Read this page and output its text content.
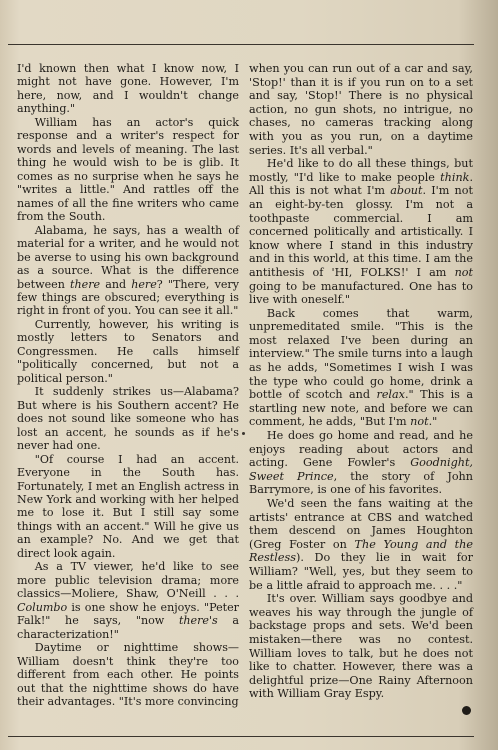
I'd known then what I know now, I might not have gone. However, I'm here, now, and I wouldn't change anything."

William has an actor's quick response and a writer's respect for words and levels of meaning. The last thing he would wish to be is glib. It comes as no surprise when he says he "writes a little." And rattles off the names of all the fine writers who came from the South.

Alabama, he says, has a wealth of material for a writer, and he would not be averse to using his own background as a source. What is the difference between there and here? "There, very few things are obscured; everything is right in front of you. You can see it all."

Currently, however, his writing is mostly letters to Senators and Congressmen. He calls himself "politically concerned, but not a political person."

It suddenly strikes us—Alabama? But where is his Southern accent? He does not sound like someone who has lost an accent, he sounds as if he's never had one.

"Of course I had an accent. Everyone in the South has. Fortunately, I met an English actress in New York and working with her helped me to lose it. But I still say some things with an accent." Will he give us an example? No. And we get that direct look again.

As a TV viewer, he'd like to see more public television drama; more classics—Moliere, Shaw, O'Neill . . . Columbo is one show he enjoys. "Peter Falk!" he says, "now there's a characterization!"

Daytime or nighttime shows—William doesn't think they're too different from each other. He points out that the nighttime shows do have their advantages. "It's more convincing

when you can run out of a car and say, 'Stop!' than it is if you run on to a set and say, 'Stop!' There is no physical action, no gun shots, no intrigue, no chases, no cameras tracking along with you as you run, on a daytime series. It's all verbal."

He'd like to do all these things, but mostly, "I'd like to make people think. All this is not what I'm about. I'm not an eight-by-ten glossy. I'm not a toothpaste commercial. I am concerned politically and artistically. I know where I stand in this industry and in this world, at this time. I am the antithesis of 'HI, FOLKS!' I am not going to be manufactured. One has to live with oneself."

Back comes that warm, unpremeditated smile. "This is the most relaxed I've been during an interview." The smile turns into a laugh as he adds, "Sometimes I wish I was the type who could go home, drink a bottle of scotch and relax." This is a startling new note, and before we can comment, he adds, "But I'm not."

He does go home and read, and he enjoys reading about actors and acting. Gene Fowler's Goodnight, Sweet Prince, the story of John Barrymore, is one of his favorites.

We'd seen the fans waiting at the artists' entrance at CBS and watched them descend on James Houghton (Greg Foster on The Young and the Restless). Do they lie in wait for William? "Well, yes, but they seem to be a little afraid to approach me. . . ."

It's over. William says goodbye and weaves his way through the jungle of backstage props and sets. We'd been mistaken—there was no contest. William loves to talk, but he does not like to chatter. However, there was a delightful prize—One Rainy Afternoon with William Gray Espy.
